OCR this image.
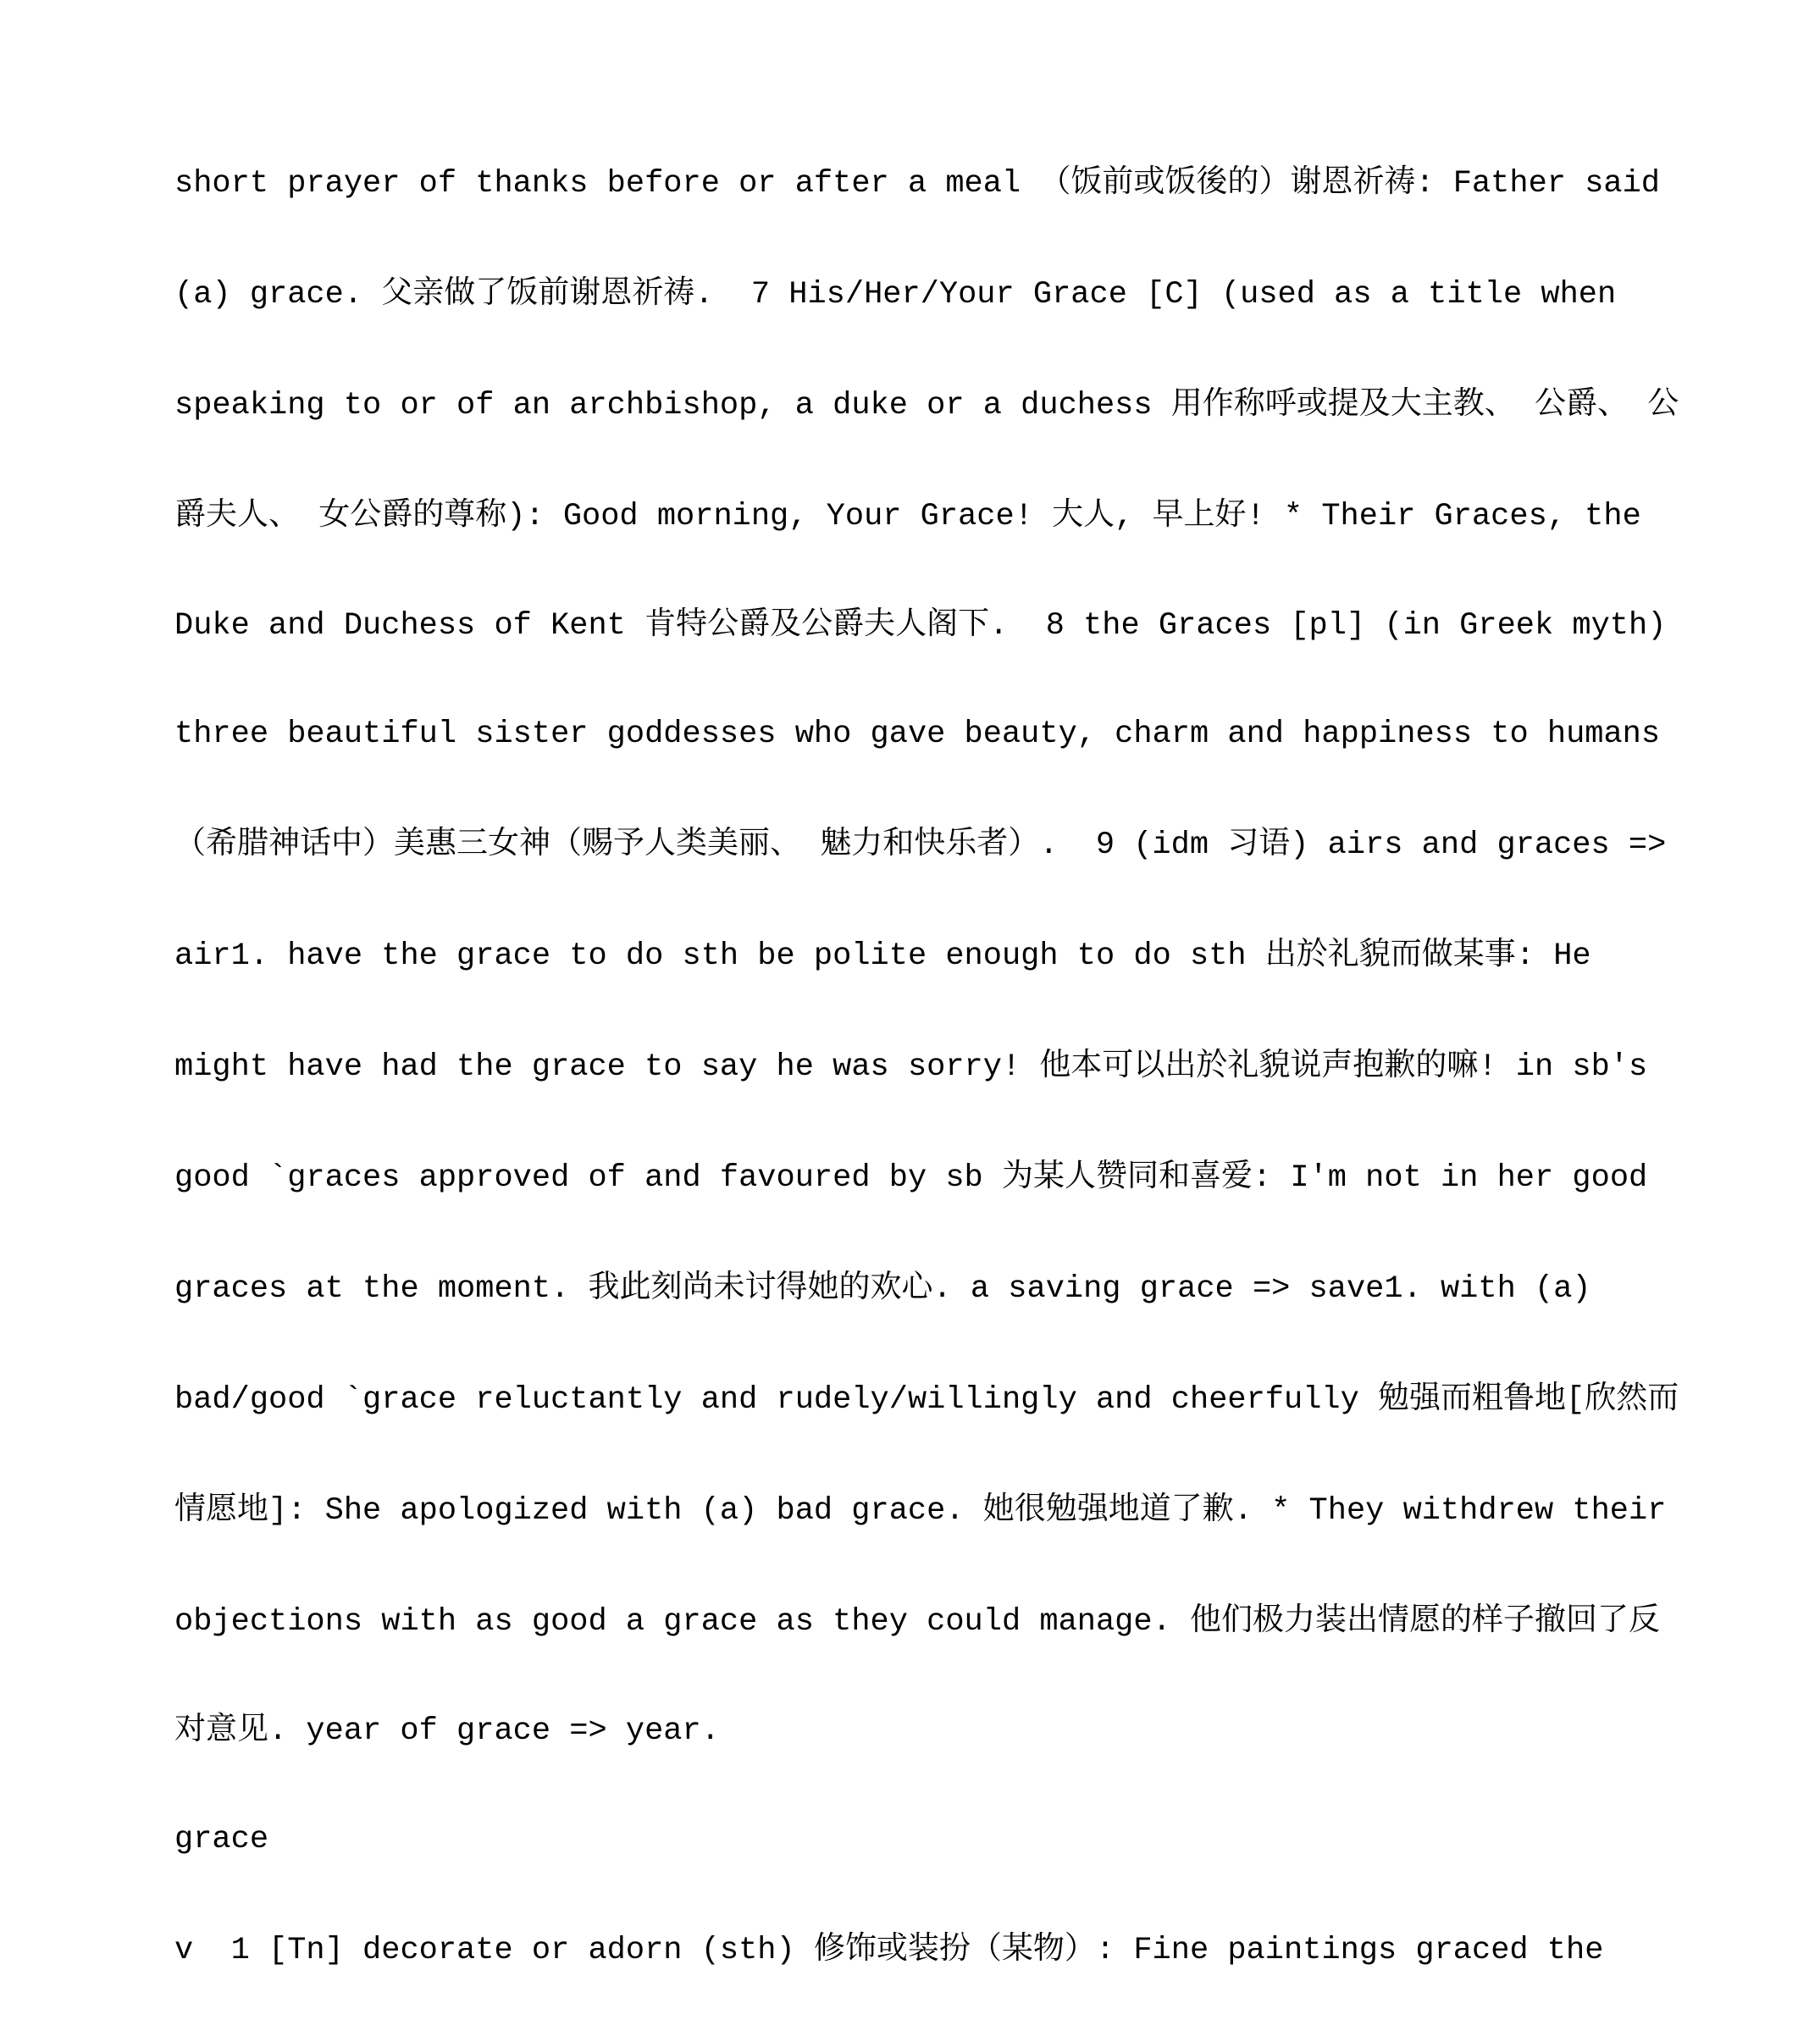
short prayer of thanks before or after a meal （饭前或饭後的）谢恩祈祷: Father said

(a) grace. 父亲做了饭前谢恩祈祷.  7 His/Her/Your Grace [C] (used as a title when

speaking to or of an archbishop, a duke or a duchess 用作称呼或提及大主教、 公爵、 公

爵夫人、 女公爵的尊称): Good morning, Your Grace! 大人, 早上好! * Their Graces, the

Duke and Duchess of Kent 肯特公爵及公爵夫人阁下.  8 the Graces [pl] (in Greek myth)

three beautiful sister goddesses who gave beauty, charm and happiness to humans

（希腊神话中）美惠三女神（赐予人类美丽、 魅力和快乐者）.  9 (idm 习语) airs and graces =>

air1. have the grace to do sth be polite enough to do sth 出於礼貌而做某事: He

might have had the grace to say he was sorry! 他本可以出於礼貌说声抱歉的嘛! in sb's

good `graces approved of and favoured by sb 为某人赞同和喜爱: I'm not in her good

graces at the moment. 我此刻尚未讨得她的欢心. a saving grace => save1. with (a)

bad/good `grace reluctantly and rudely/willingly and cheerfully 勉强而粗鲁地[欣然而

情愿地]: She apologized with (a) bad grace. 她很勉强地道了歉. * They withdrew their

objections with as good a grace as they could manage. 他们极力装出情愿的样子撤回了反

对意见. year of grace => year.

grace

v  1 [Tn] decorate or adorn (sth) 修饰或装扮（某物）: Fine paintings graced the
